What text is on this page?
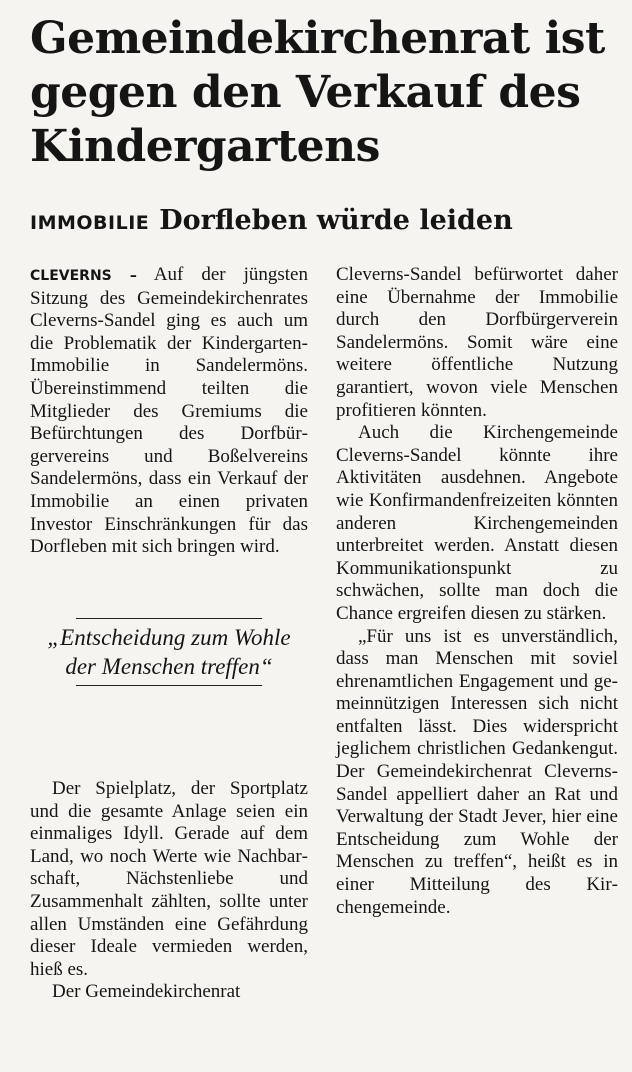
Gemeindekirchenrat ist gegen den Verkauf des Kindergartens
IMMOBILIE Dorfleben würde leiden

CLEVERNS – Auf der jüngsten Sitzung des Gemeindekirchenrates Cleverns-Sandel ging es auch um die Problematik der Kindergarten-Immobilie in Sandelermöns. Übereinstimmend teilten die Mitglieder des Gremiums die Befürchtungen des Dorfbürgervereins und Boßelvereins Sandelermöns, dass ein Verkauf der Immobilie an einen privaten Investor Einschränkungen für das Dorfleben mit sich bringen wird.

„Entscheidung zum Wohle der Menschen treffen“

Der Spielplatz, der Sportplatz und die gesamte Anlage seien ein einmaliges Idyll. Gerade auf dem Land, wo noch Werte wie Nachbarschaft, Nächstenliebe und Zusammenhalt zählten, sollte unter allen Umständen eine Gefährdung dieser Ideale vermieden werden, hieß es.

Der Gemeindekirchenrat

Cleverns-Sandel befürwortet daher eine Übernahme der Immobilie durch den Dorfbürgerverein Sandelermöns. Somit wäre eine weitere öffentliche Nutzung garantiert, wovon viele Menschen profitieren könnten.

Auch die Kirchengemeinde Cleverns-Sandel könnte ihre Aktivitäten ausdehnen. Angebote wie Konfirmandenfreizeiten könnten anderen Kirchengemeinden unterbreitet werden. Anstatt diesen Kommunikationspunkt zu schwächen, sollte man doch die Chance ergreifen diesen zu stärken.

„Für uns ist es unverständlich, dass man Menschen mit soviel ehrenamtlichen Engagement und gemeinnützigen Interessen sich nicht entfalten lässt. Dies widerspricht jeglichem christlichen Gedankengut. Der Gemeindekirchenrat Cleverns-Sandel appelliert daher an Rat und Verwaltung der Stadt Jever, hier eine Entscheidung zum Wohle der Menschen zu treffen“, heißt es in einer Mitteilung des Kirchengemeinde.
